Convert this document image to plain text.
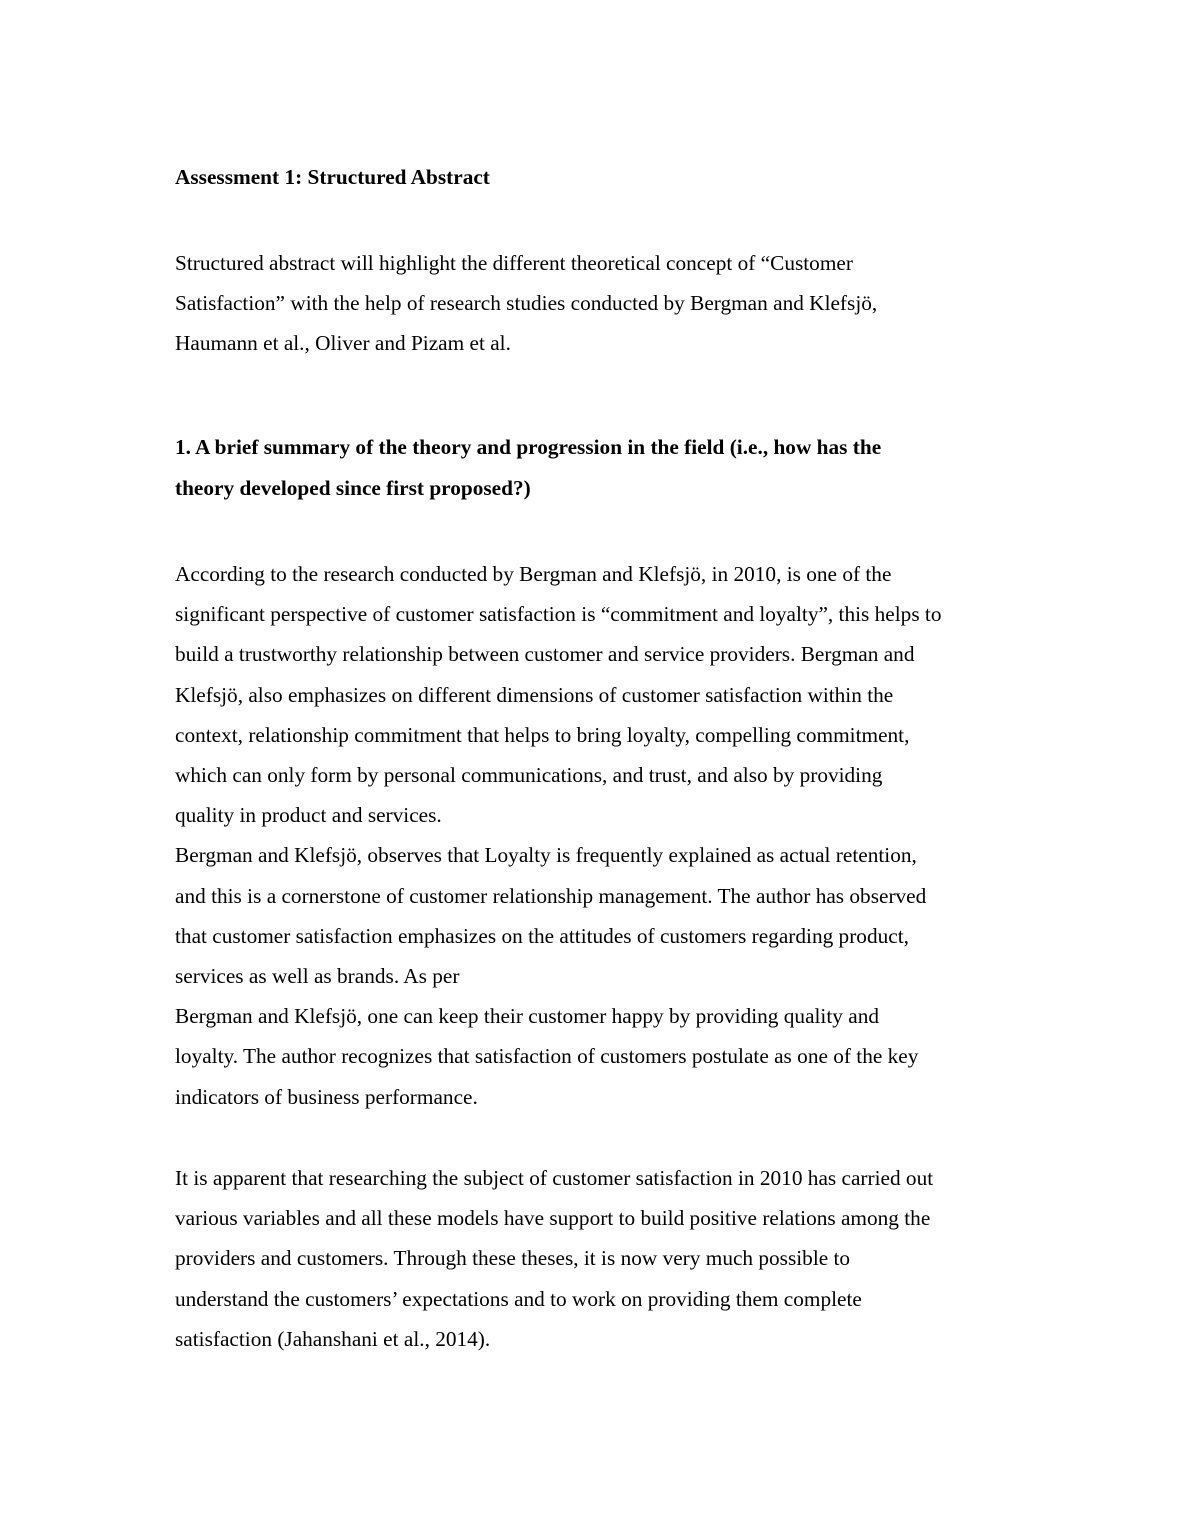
Assessment 1: Structured Abstract
Structured abstract will highlight the different theoretical concept of “Customer
Satisfaction” with the help of research studies conducted by Bergman and Klefsjö,
Haumann et al., Oliver and Pizam et al.
1. A brief summary of the theory and progression in the field (i.e., how has the
theory developed since first proposed?)
According to the research conducted by Bergman and Klefsjö, in 2010, is one of the
significant perspective of customer satisfaction is “commitment and loyalty”, this helps to
build a trustworthy relationship between customer and service providers. Bergman and
Klefsjö, also emphasizes on different dimensions of customer satisfaction within the
context, relationship commitment that helps to bring loyalty, compelling commitment,
which can only form by personal communications, and trust, and also by providing
quality in product and services.
Bergman and Klefsjö, observes that Loyalty is frequently explained as actual retention,
and this is a cornerstone of customer relationship management. The author has observed
that customer satisfaction emphasizes on the attitudes of customers regarding product,
services as well as brands. As per
Bergman and Klefsjö, one can keep their customer happy by providing quality and
loyalty. The author recognizes that satisfaction of customers postulate as one of the key
indicators of business performance.
It is apparent that researching the subject of customer satisfaction in 2010 has carried out
various variables and all these models have support to build positive relations among the
providers and customers. Through these theses, it is now very much possible to
understand the customers’ expectations and to work on providing them complete
satisfaction (Jahanshani et al., 2014).
